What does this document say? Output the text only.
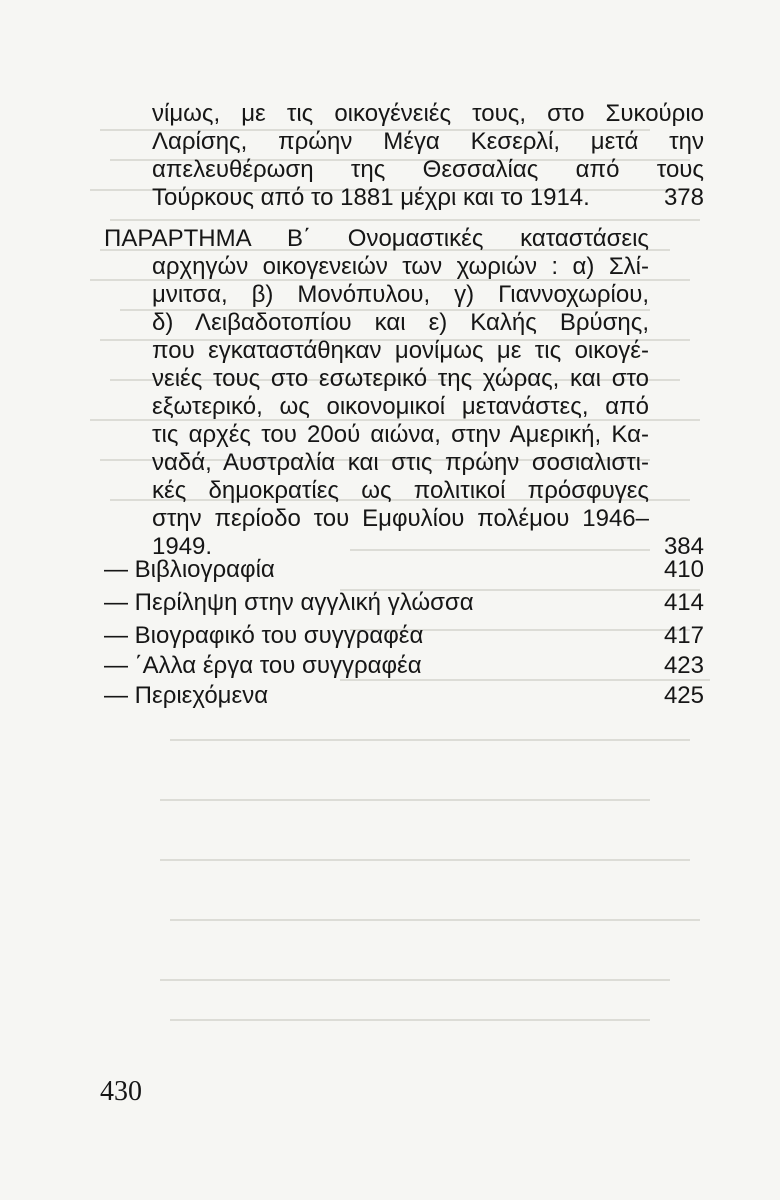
νίμως, με τις οικογένειές τους, στο Συκούριο
Λαρίσης, πρώην Μέγα Κεσερλί, μετά την
απελευθέρωση της Θεσσαλίας από τους
Τούρκους από το 1881 μέχρι και το 1914.	378
ΠΑΡΑΡΤΗΜΑ Β΄ Ονομαστικές καταστάσεις
αρχηγών οικογενειών των χωριών : α) Σλί-
μνιτσα, β) Μονόπυλου, γ) Γιαννοχωρίου,
δ) Λειβαδοτοπίου και ε) Καλής Βρύσης,
που εγκαταστάθηκαν μονίμως με τις οικογέ-
νειές τους στο εσωτερικό της χώρας, και στο
εξωτερικό, ως οικονομικοί μετανάστες, από
τις αρχές του 20ού αιώνα, στην Αμερική, Κα-
ναδά, Αυστραλία και στις πρώην σοσιαλιστι-
κές δημοκρατίες ως πολιτικοί πρόσφυγες
στην περίοδο του Εμφυλίου πολέμου 1946–
1949.	384
— Βιβλιογραφία	410
— Περίληψη στην αγγλική γλώσσα	414
— Βιογραφικό του συγγραφέα	417
— ΄Αλλα έργα του συγγραφέα	423
— Περιεχόμενα	425
430
